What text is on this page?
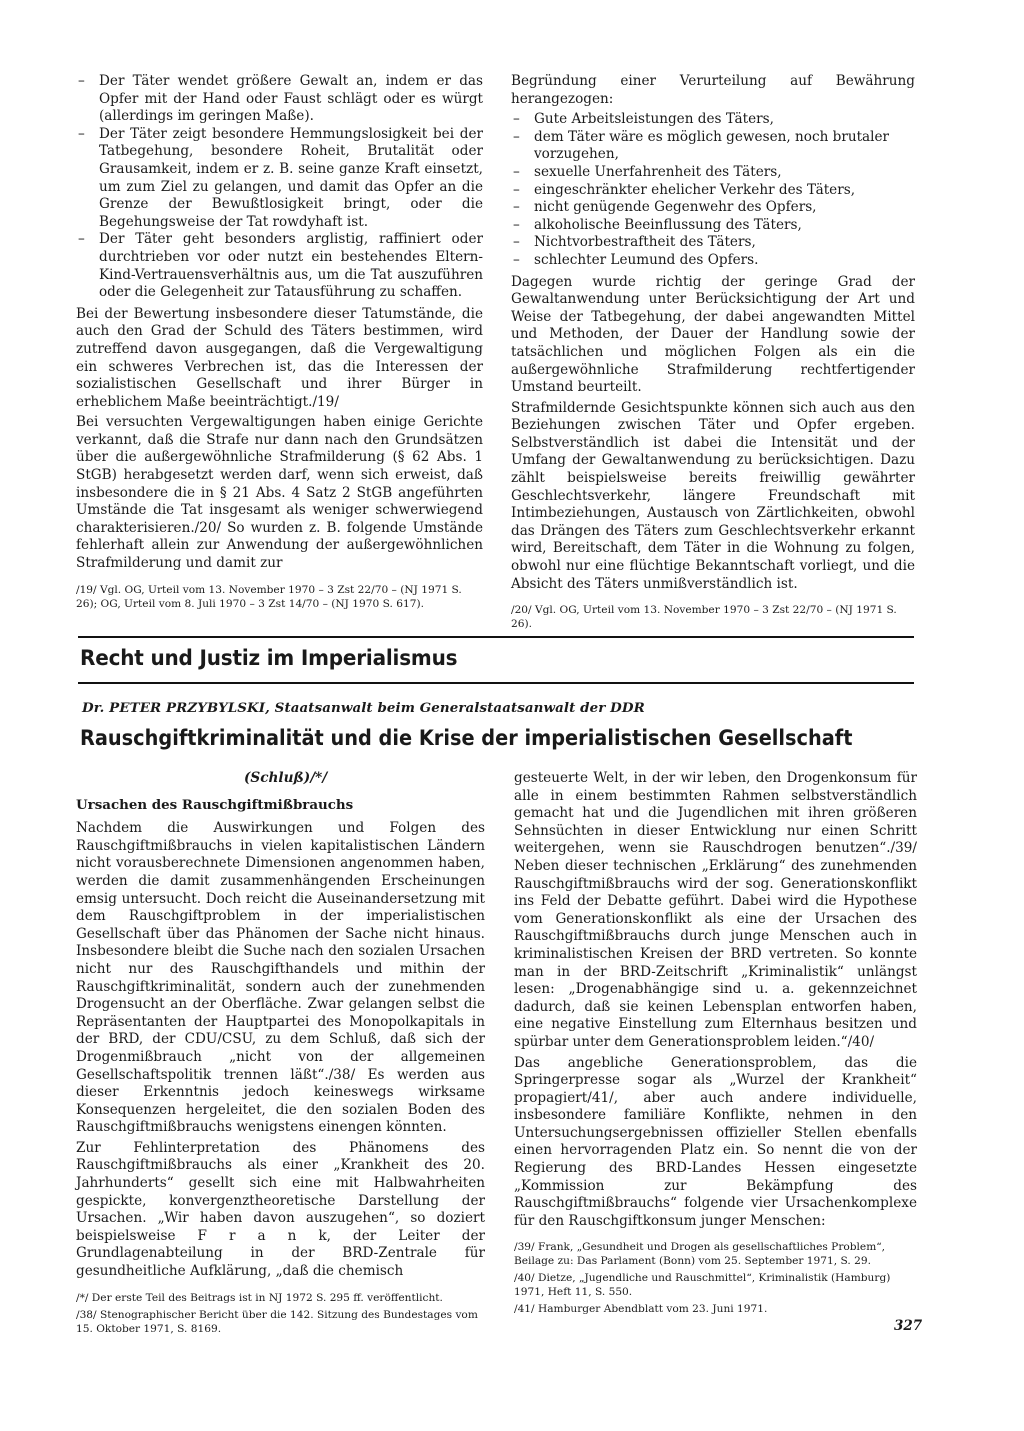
– Der Täter wendet größere Gewalt an, indem er das Opfer mit der Hand oder Faust schlägt oder es würgt (allerdings im geringen Maße).
– Der Täter zeigt besondere Hemmungslosigkeit bei der Tatbegehung, besondere Roheit, Brutalität oder Grausamkeit, indem er z. B. seine ganze Kraft einsetzt, um zum Ziel zu gelangen, und damit das Opfer an die Grenze der Bewußtlosigkeit bringt, oder die Begehungsweise der Tat rowdyhaft ist.
– Der Täter geht besonders arglistig, raffiniert oder durchtrieben vor oder nutzt ein bestehendes Eltern-Kind-Vertrauensverhältnis aus, um die Tat auszuführen oder die Gelegenheit zur Tatausführung zu schaffen.

Bei der Bewertung insbesondere dieser Tatumstände, die auch den Grad der Schuld des Täters bestimmen, wird zutreffend davon ausgegangen, daß die Vergewaltigung ein schweres Verbrechen ist, das die Interessen der sozialistischen Gesellschaft und ihrer Bürger in erheblichem Maße beeinträchtigt./19/

Bei versuchten Vergewaltigungen haben einige Gerichte verkannt, daß die Strafe nur dann nach den Grundsätzen über die außergewöhnliche Strafmilderung (§ 62 Abs. 1 StGB) herabgesetzt werden darf, wenn sich erweist, daß insbesondere die in § 21 Abs. 4 Satz 2 StGB angeführten Umstände die Tat insgesamt als weniger schwerwiegend charakterisieren./20/ So wurden z. B. folgende Umstände fehlerhaft allein zur Anwendung der außergewöhnlichen Strafmilderung und damit zur

/19/ Vgl. OG, Urteil vom 13. November 1970 – 3 Zst 22/70 – (NJ 1971 S. 26); OG, Urteil vom 8. Juli 1970 – 3 Zst 14/70 – (NJ 1970 S. 617).

Begründung einer Verurteilung auf Bewährung herangezogen:

– Gute Arbeitsleistungen des Täters,
– dem Täter wäre es möglich gewesen, noch brutaler vorzugehen,
– sexuelle Unerfahrenheit des Täters,
– eingeschränkter ehelicher Verkehr des Täters,
– nicht genügende Gegenwehr des Opfers,
– alkoholische Beeinflussung des Täters,
– Nichtvorbestraftheit des Täters,
– schlechter Leumund des Opfers.

Dagegen wurde richtig der geringe Grad der Gewaltanwendung unter Berücksichtigung der Art und Weise der Tatbegehung, der dabei angewandten Mittel und Methoden, der Dauer der Handlung sowie der tatsächlichen und möglichen Folgen als ein die außergewöhnliche Strafmilderung rechtfertigender Umstand beurteilt.

Strafmildernde Gesichtspunkte können sich auch aus den Beziehungen zwischen Täter und Opfer ergeben. Selbstverständlich ist dabei die Intensität und der Umfang der Gewaltanwendung zu berücksichtigen. Dazu zählt beispielsweise bereits freiwillig gewährter Geschlechtsverkehr, längere Freundschaft mit Intimbeziehungen, Austausch von Zärtlichkeiten, obwohl das Drängen des Täters zum Geschlechtsverkehr erkannt wird, Bereitschaft, dem Täter in die Wohnung zu folgen, obwohl nur eine flüchtige Bekanntschaft vorliegt, und die Absicht des Täters unmißverständlich ist.

/20/ Vgl. OG, Urteil vom 13. November 1970 – 3 Zst 22/70 – (NJ 1971 S. 26).
Recht und Justiz im Imperialismus
Dr. PETER PRZYBYLSKI, Staatsanwalt beim Generalstaatsanwalt der DDR
Rauschgiftkriminalität und die Krise der imperialistischen Gesellschaft
(Schluß)/*/
Ursachen des Rauschgiftmißbrauchs

Nachdem die Auswirkungen und Folgen des Rauschgiftmißbrauchs in vielen kapitalistischen Ländern nicht vorausberechnete Dimensionen angenommen haben, werden die damit zusammenhängenden Erscheinungen emsig untersucht. Doch reicht die Auseinandersetzung mit dem Rauschgiftproblem in der imperialistischen Gesellschaft über das Phänomen der Sache nicht hinaus. Insbesondere bleibt die Suche nach den sozialen Ursachen nicht nur des Rauschgifthandels und mithin der Rauschgiftkriminalität, sondern auch der zunehmenden Drogensucht an der Oberfläche. Zwar gelangen selbst die Repräsentanten der Hauptpartei des Monopolkapitals in der BRD, der CDU/CSU, zu dem Schluß, daß sich der Drogenmißbrauch „nicht von der allgemeinen Gesellschaftspolitik trennen läßt“./38/ Es werden aus dieser Erkenntnis jedoch keineswegs wirksame Konsequenzen hergeleitet, die den sozialen Boden des Rauschgiftmißbrauchs wenigstens einengen könnten.

Zur Fehlinterpretation des Phänomens des Rauschgiftmißbrauchs als einer „Krankheit des 20. Jahrhunderts“ gesellt sich eine mit Halbwahrheiten gespickte, konvergenztheoretische Darstellung der Ursachen. „Wir haben davon auszugehen“, so doziert beispielsweise F r a n k, der Leiter der Grundlagenabteilung in der BRD-Zentrale für gesundheitliche Aufklärung, „daß die chemisch

/*/ Der erste Teil des Beitrags ist in NJ 1972 S. 295 ff. veröffentlicht.

/38/ Stenographischer Bericht über die 142. Sitzung des Bundestages vom 15. Oktober 1971, S. 8169.

gesteuerte Welt, in der wir leben, den Drogenkonsum für alle in einem bestimmten Rahmen selbstverständlich gemacht hat und die Jugendlichen mit ihren größeren Sehnsüchten in dieser Entwicklung nur einen Schritt weitergehen, wenn sie Rauschdrogen benutzen“./39/ Neben dieser technischen „Erklärung“ des zunehmenden Rauschgiftmißbrauchs wird der sog. Generationskonflikt ins Feld der Debatte geführt. Dabei wird die Hypothese vom Generationskonflikt als eine der Ursachen des Rauschgiftmißbrauchs durch junge Menschen auch in kriminalistischen Kreisen der BRD vertreten. So konnte man in der BRD-Zeitschrift „Kriminalistik“ unlängst lesen: „Drogenabhängige sind u. a. gekennzeichnet dadurch, daß sie keinen Lebensplan entworfen haben, eine negative Einstellung zum Elternhaus besitzen und spürbar unter dem Generationsproblem leiden.“/40/

Das angebliche Generationsproblem, das die Springerpresse sogar als „Wurzel der Krankheit“ propagiert/41/, aber auch andere individuelle, insbesondere familiäre Konflikte, nehmen in den Untersuchungsergebnissen offizieller Stellen ebenfalls einen hervorragenden Platz ein. So nennt die von der Regierung des BRD-Landes Hessen eingesetzte „Kommission zur Bekämpfung des Rauschgiftmißbrauchs“ folgende vier Ursachenkomplexe für den Rauschgiftkonsum junger Menschen:

/39/ Frank, „Gesundheit und Drogen als gesellschaftliches Problem“, Beilage zu: Das Parlament (Bonn) vom 25. September 1971, S. 29.

/40/ Dietze, „Jugendliche und Rauschmittel“, Kriminalistik (Hamburg) 1971, Heft 11, S. 550.

/41/ Hamburger Abendblatt vom 23. Juni 1971.

327
